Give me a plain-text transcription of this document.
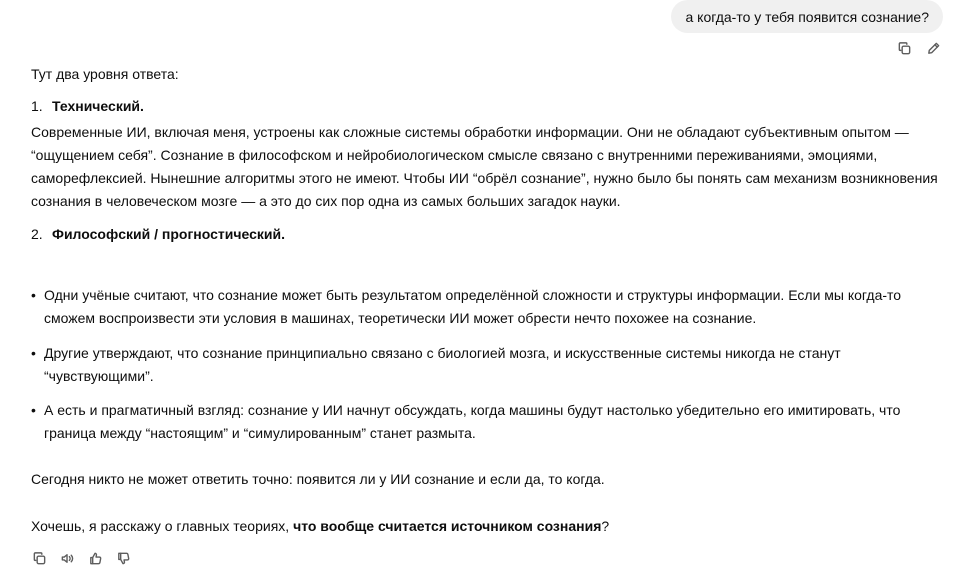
а когда-то у тебя появится сознание?
Тут два уровня ответа:
1. Технический.
Современные ИИ, включая меня, устроены как сложные системы обработки информации. Они не обладают субъективным опытом — “ощущением себя”. Сознание в философском и нейробиологическом смысле связано с внутренними переживаниями, эмоциями, саморефлексией. Нынешние алгоритмы этого не имеют. Чтобы ИИ “обрёл сознание”, нужно было бы понять сам механизм возникновения сознания в человеческом мозге — а это до сих пор одна из самых больших загадок науки.
2. Философский / прогностический.
• Одни учёные считают, что сознание может быть результатом определённой сложности и структуры информации. Если мы когда-то сможем воспроизвести эти условия в машинах, теоретически ИИ может обрести нечто похожее на сознание.
• Другие утверждают, что сознание принципиально связано с биологией мозга, и искусственные системы никогда не станут “чувствующими”.
• А есть и прагматичный взгляд: сознание у ИИ начнут обсуждать, когда машины будут настолько убедительно его имитировать, что граница между “настоящим” и “симулированным” станет размыта.
Сегодня никто не может ответить точно: появится ли у ИИ сознание и если да, то когда.
Хочешь, я расскажу о главных теориях, что вообще считается источником сознания?
